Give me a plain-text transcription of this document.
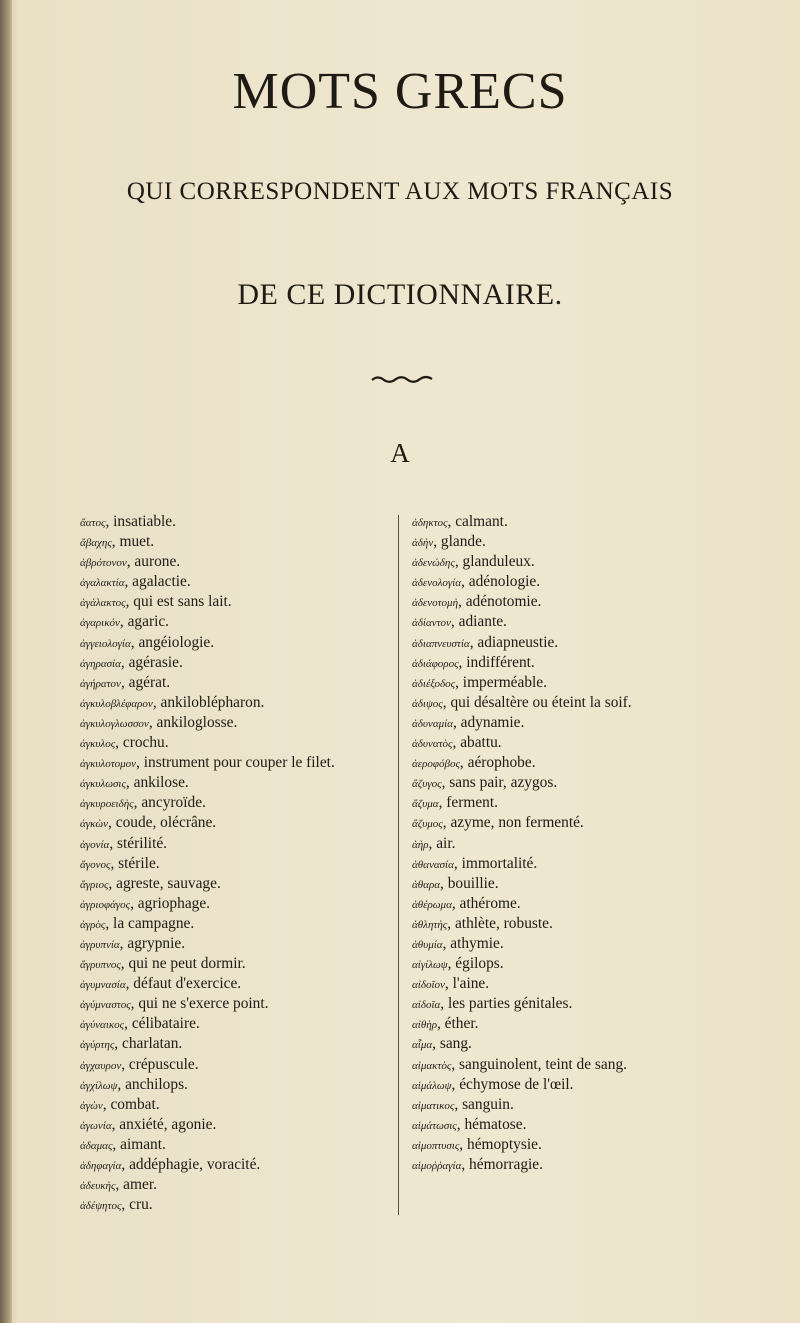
MOTS GRECS
QUI CORRESPONDENT AUX MOTS FRANÇAIS
DE CE DICTIONNAIRE.
A
ἄατος, insatiable.
ἄβαχης, muet.
ἀβρότονον, aurone.
ἀγαλακτία, agalactie.
ἀγάλακτος, qui est sans lait.
ἀγαρικόν, agaric.
ἀγγειολογία, angéiologie.
ἀγηρασία, agérasie.
ἀγήρατον, agérat.
ἀγκυλοβλέφαρον, ankiloblépharon.
ἀγκυλογλωσσον, ankiloglosse.
ἀγκυλος, crochu.
ἀγκυλοτομον, instrument pour couper le filet.
ἀγκυλωσις, ankilose.
ἀγκυροειδὴς, ancyroïde.
ἀγκὼν, coude, olécrâne.
ἀγονία, stérilité.
ἄγονος, stérile.
ἄγριος, agreste, sauvage.
ἀγριοφάγος, agriophage.
ἀγρὸς, la campagne.
ἀγρυπνία, agrypnie.
ἄγρυπνος, qui ne peut dormir.
ἀγυμνασία, défaut d'exercice.
ἀγύμναστος, qui ne s'exerce point.
ἀγύναικος, célibataire.
ἀγύρτης, charlatan.
ἀγχαυρον, crépuscule.
ἀγχίλωψ, anchilops.
ἀγὼν, combat.
ἀγωνία, anxiété, agonie.
ἀδαμας, aimant.
ἀδηφαγία, addéphagie, voracité.
ἀδευκὴς, amer.
ἀδέψητος, cru.
ἀδηκτος, calmant.
ἀδὴν, glande.
ἀδενώδης, glanduleux.
ἀδενολογία, adénologie.
ἀδενοτομὴ, adénotomie.
ἀδίαντον, adiante.
ἀδιαπνευστία, adiapneustie.
ἀδιάφορος, indifférent.
ἀδιέξοδος, imperméable.
ἀδιψος, qui désaltère ou éteint la soif.
ἀδυναμία, adynamie.
ἀδυνατὸς, abattu.
ἀεροφόβος, aérophobe.
ἄζυγος, sans pair, azygos.
ἄζυμα, ferment.
ἄζυμος, azyme, non fermenté.
ἀὴρ, air.
ἀθανασία, immortalité.
ἀθαρα, bouillie.
ἀθέρωμα, athérome.
ἀθλητὴς, athlète, robuste.
ἀθυμία, athymie.
αἰγίλωψ, égilops.
αἰδοῖον, l'aine.
αἰδοῖα, les parties génitales.
αἰθὴρ, éther.
αἷμα, sang.
αἱμακτὸς, sanguinolent, teint de sang.
αἱμάλωψ, échymose de l'œil.
αἱματικος, sanguin.
αἱμάτωσις, hématose.
αἱμοπτυσις, hémoptysie.
αἱμοῤῥαγία, hémorragie.
